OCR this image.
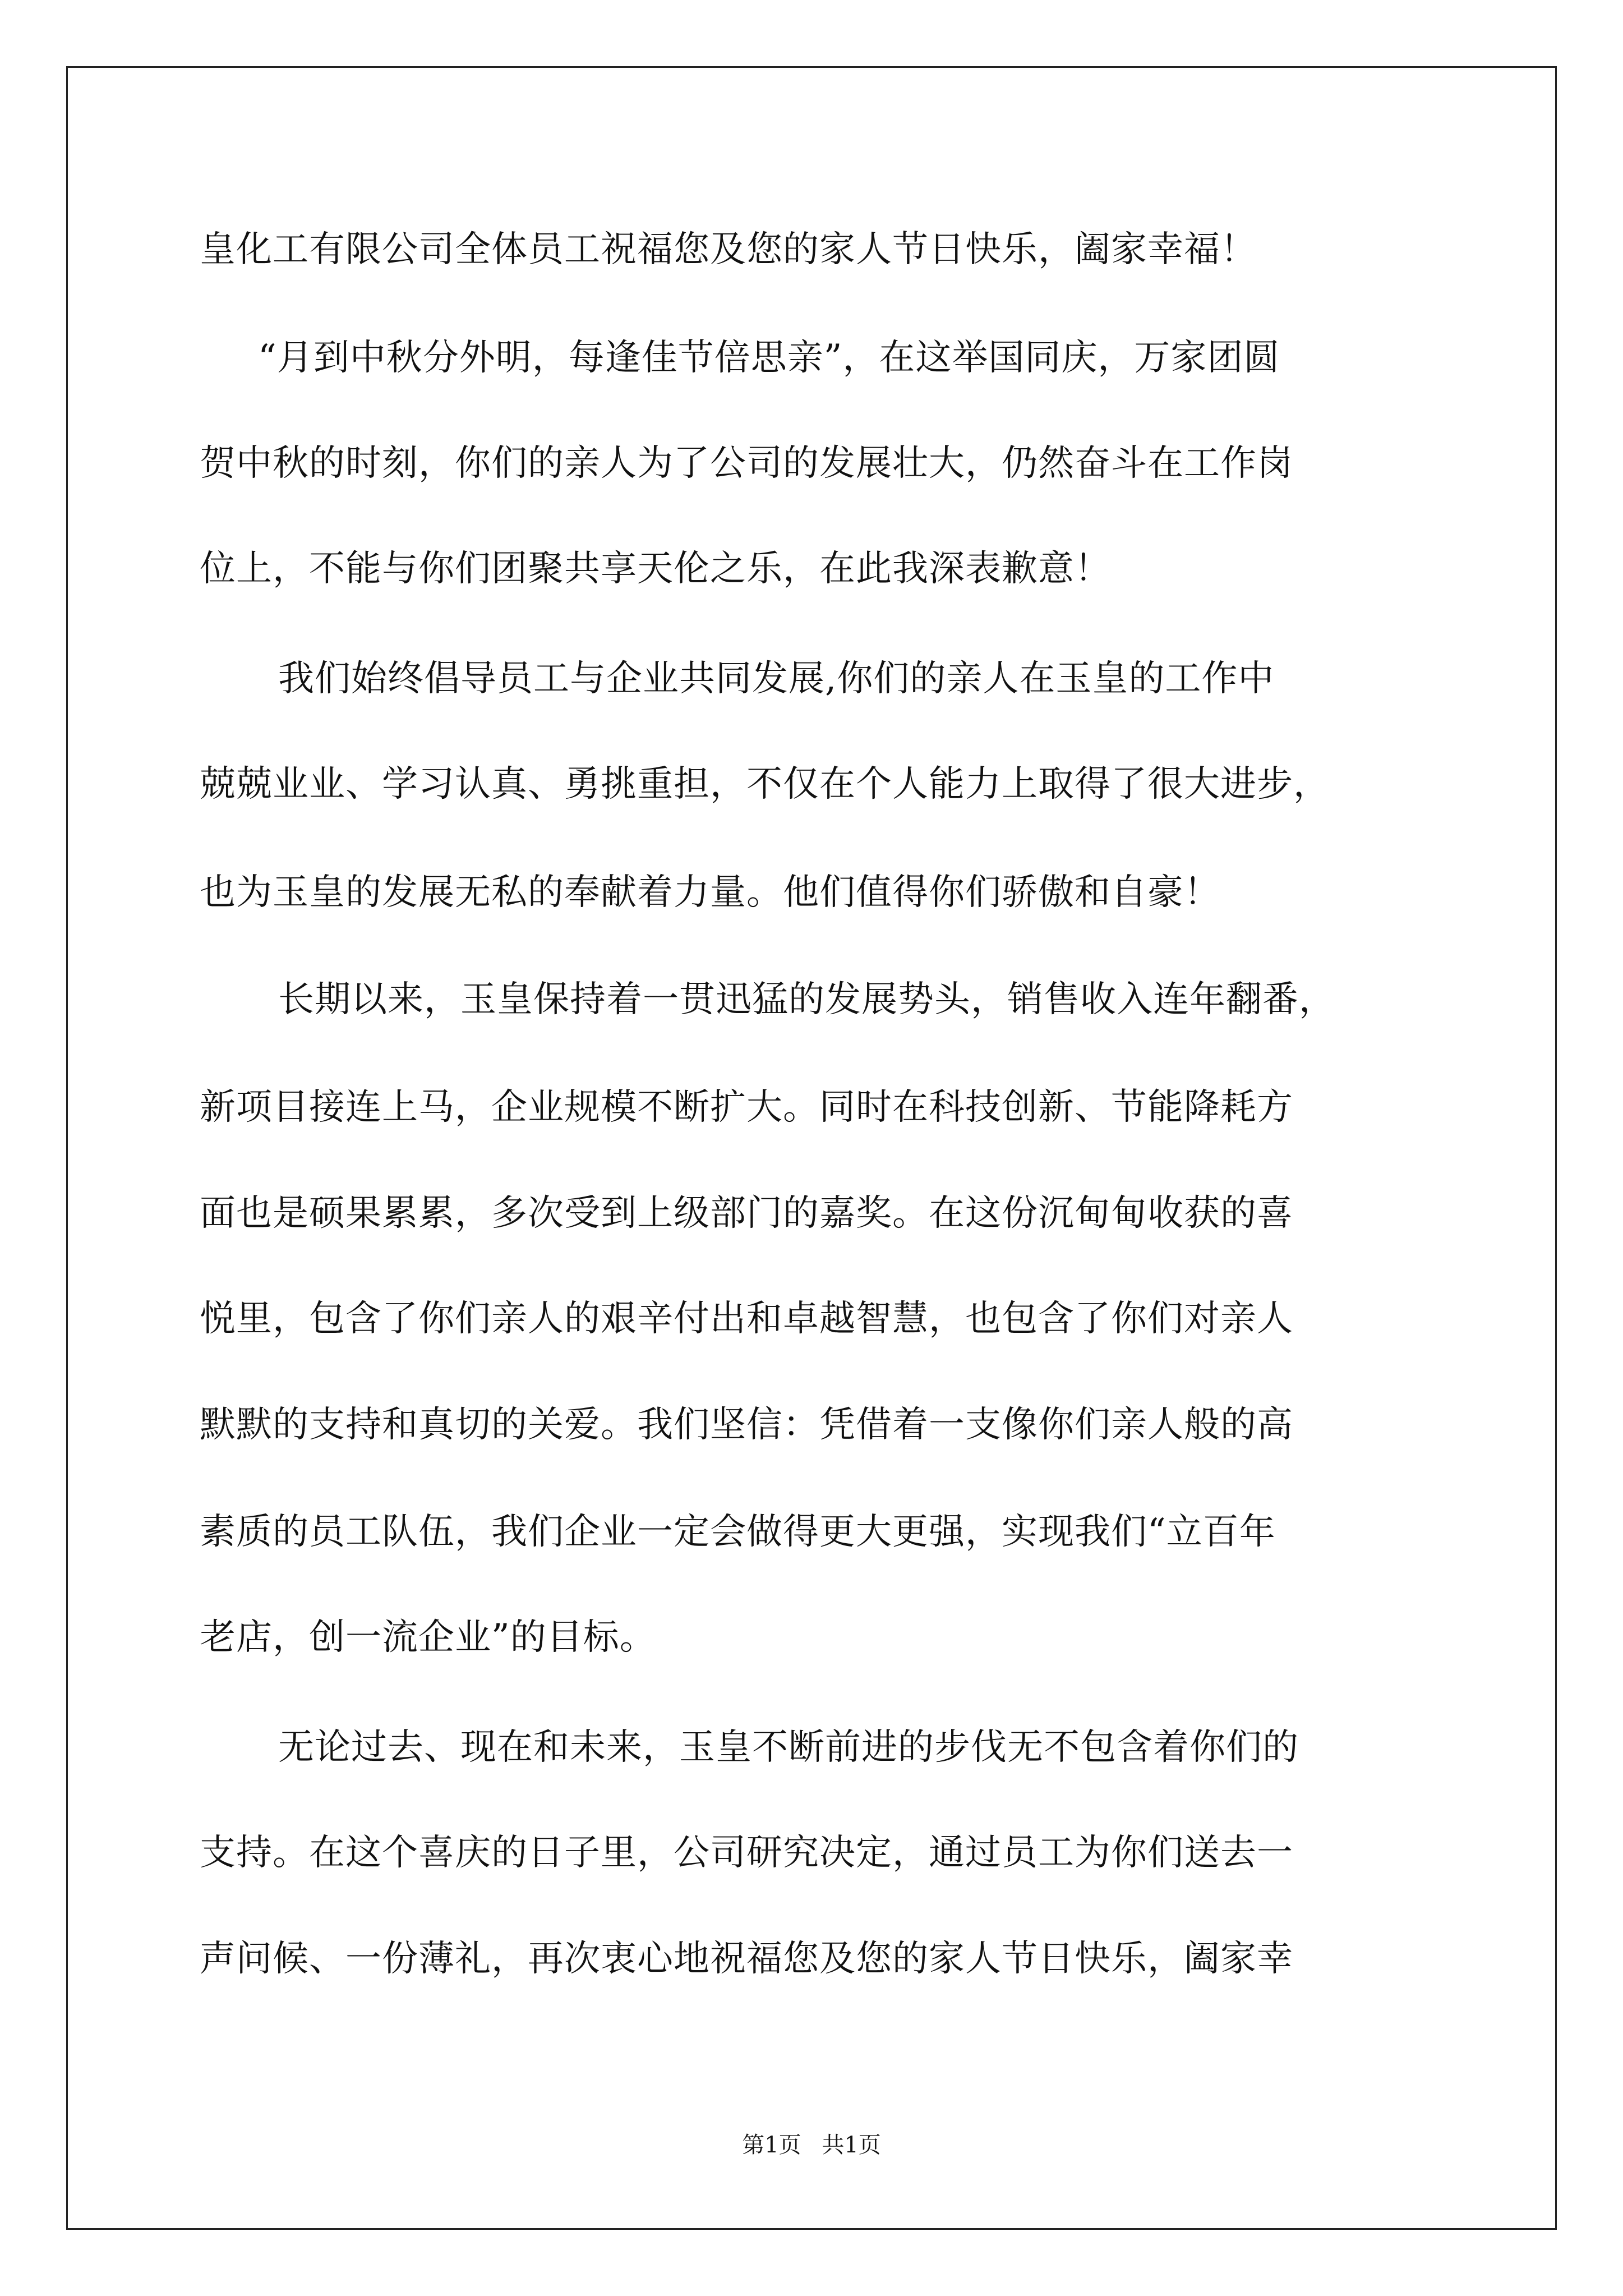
皇化工有限公司全体员工祝福您及您的家人节日快乐，阖家幸福！
“月到中秋分外明，每逢佳节倍思亲”，在这举国同庆，万家团圆
贺中秋的时刻，你们的亲人为了公司的发展壮大，仍然奋斗在工作岗
位上，不能与你们团聚共享天伦之乐，在此我深表歉意！
我们始终倡导员工与企业共同发展,你们的亲人在玉皇的工作中
兢兢业业、学习认真、勇挑重担，不仅在个人能力上取得了很大进步，
也为玉皇的发展无私的奉献着力量。他们值得你们骄傲和自豪！
长期以来，玉皇保持着一贯迅猛的发展势头，销售收入连年翻番，
新项目接连上马，企业规模不断扩大。同时在科技创新、节能降耗方
面也是硕果累累，多次受到上级部门的嘉奖。在这份沉甸甸收获的喜
悦里，包含了你们亲人的艰辛付出和卓越智慧，也包含了你们对亲人
默默的支持和真切的关爱。我们坚信：凭借着一支像你们亲人般的高
素质的员工队伍，我们企业一定会做得更大更强，实现我们“立百年
老店，创一流企业”的目标。
无论过去、现在和未来，玉皇不断前进的步伐无不包含着你们的
支持。在这个喜庆的日子里，公司研究决定，通过员工为你们送去一
声问候、一份薄礼，再次衷心地祝福您及您的家人节日快乐，阖家幸
第1页 共1页
